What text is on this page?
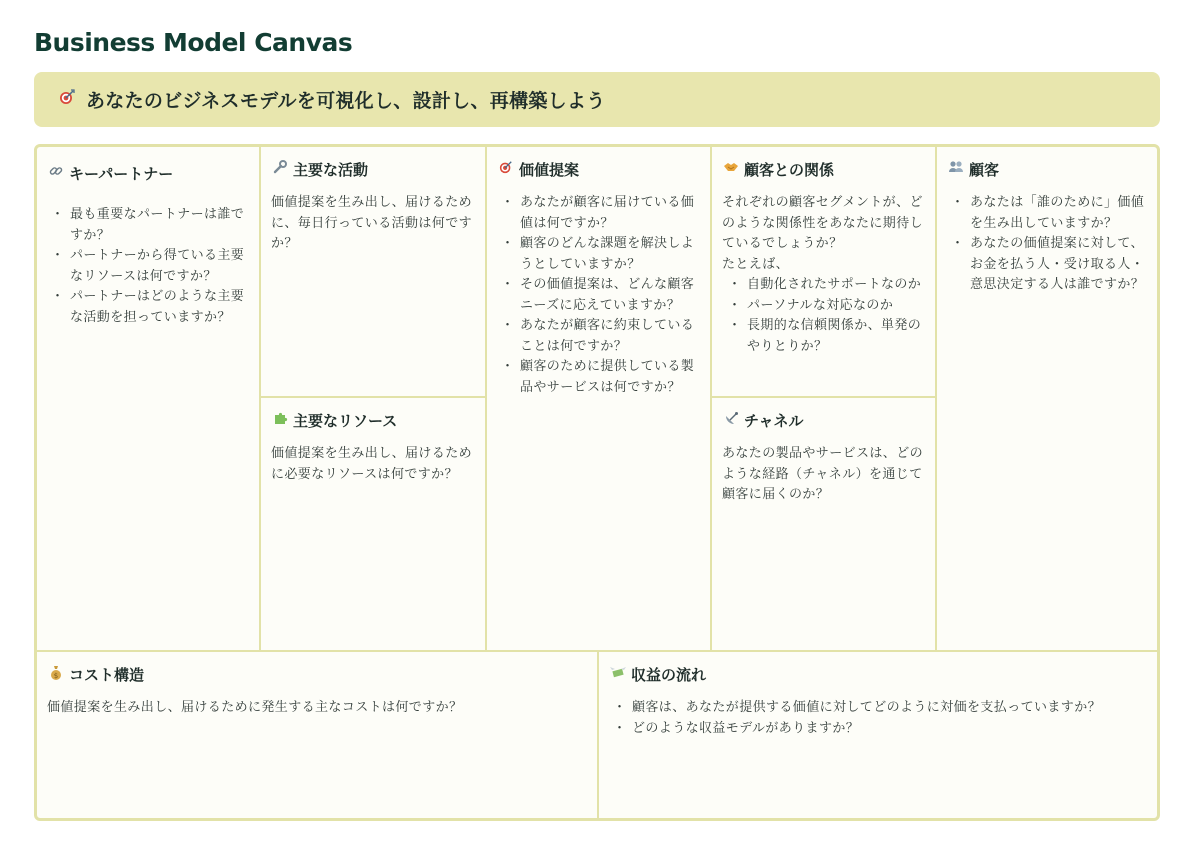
Business Model Canvas
あなたのビジネスモデルを可視化し、設計し、再構築しよう
キーパートナー
・ 最も重要なパートナーは誰ですか？
・ パートナーから得ている主要なリソースは何ですか？
・ パートナーはどのような主要な活動を担っていますか？
主要な活動
価値提案を生み出し、届けるために、毎日行っている活動は何ですか？
主要なリソース
価値提案を生み出し、届けるために必要なリソースは何ですか？
価値提案
・ あなたが顧客に届けている価値は何ですか？
・ 顧客のどんな課題を解決しようとしていますか？
・ その価値提案は、どんな顧客ニーズに応えていますか？
・ あなたが顧客に約束していることは何ですか？
・ 顧客のために提供している製品やサービスは何ですか？
顧客との関係
それぞれの顧客セグメントが、どのような関係性をあなたに期待しているでしょうか？
たとえば、
・ 自動化されたサポートなのか
・ パーソナルな対応なのか
・ 長期的な信頼関係か、単発のやりとりか？
チャネル
あなたの製品やサービスは、どのような経路（チャネル）を通じて顧客に届くのか？
顧客
・ あなたは「誰のために」価値を生み出していますか？
・ あなたの価値提案に対して、お金を払う人・受け取る人・意思決定する人は誰ですか？
$ コスト構造
価値提案を生み出し、届けるために発生する主なコストは何ですか？
収益の流れ
・ 顧客は、あなたが提供する価値に対してどのように対価を支払っていますか？
・ どのような収益モデルがありますか？
